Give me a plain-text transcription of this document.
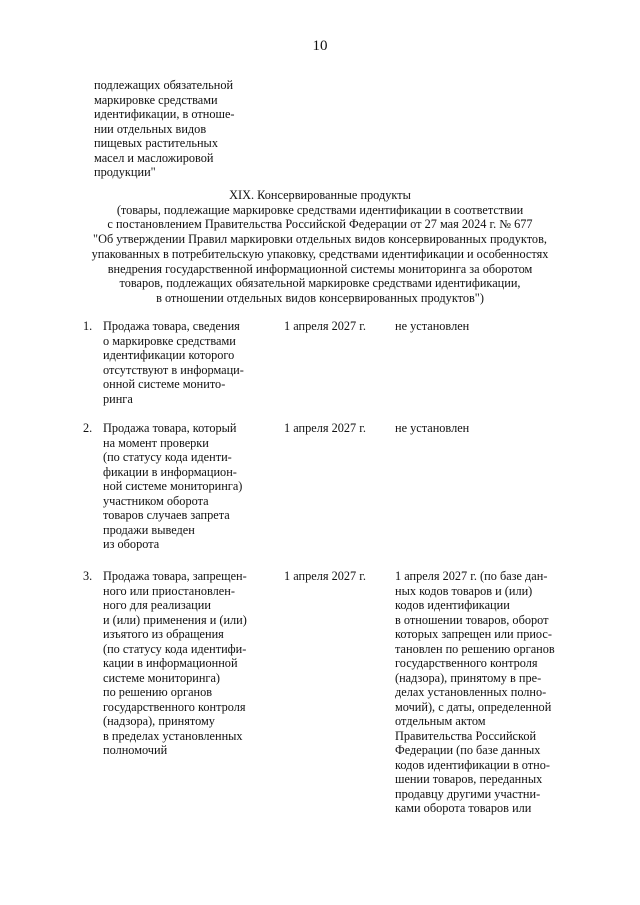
10
подлежащих обязательной
маркировке средствами
идентификации, в отноше-
нии отдельных видов
пищевых растительных
масел и масложировой
продукции"
XIX. Консервированные продукты
(товары, подлежащие маркировке средствами идентификации в соответствии
с постановлением Правительства Российской Федерации от 27 мая 2024 г. № 677
"Об утверждении Правил маркировки отдельных видов консервированных продуктов,
упакованных в потребительскую упаковку, средствами идентификации и особенностях
внедрения государственной информационной системы мониторинга за оборотом
товаров, подлежащих обязательной маркировке средствами идентификации,
в отношении отдельных видов консервированных продуктов")
1. Продажа товара, сведения
о маркировке средствами
идентификации которого
отсутствуют в информаци-
онной системе монито-
ринга
1 апреля 2027 г. не установлен
2. Продажа товара, который
на момент проверки
(по статусу кода иденти-
фикации в информацион-
ной системе мониторинга)
участником оборота
товаров случаев запрета
продажи выведен
из оборота
1 апреля 2027 г. не установлен
3. Продажа товара, запрещен-
ного или приостановлен-
ного для реализации
и (или) применения и (или)
изъятого из обращения
(по статусу кода идентифи-
кации в информационной
системе мониторинга)
по решению органов
государственного контроля
(надзора), принятому
в пределах установленных
полномочий
1 апреля 2027 г. 1 апреля 2027 г. (по базе дан-
ных кодов товаров и (или)
кодов идентификации
в отношении товаров, оборот
которых запрещен или приос-
тановлен по решению органов
государственного контроля
(надзора), принятому в пре-
делах установленных полно-
мочий), с даты, определенной
отдельным актом
Правительства Российской
Федерации (по базе данных
кодов идентификации в отно-
шении товаров, переданных
продавцу другими участни-
ками оборота товаров или
